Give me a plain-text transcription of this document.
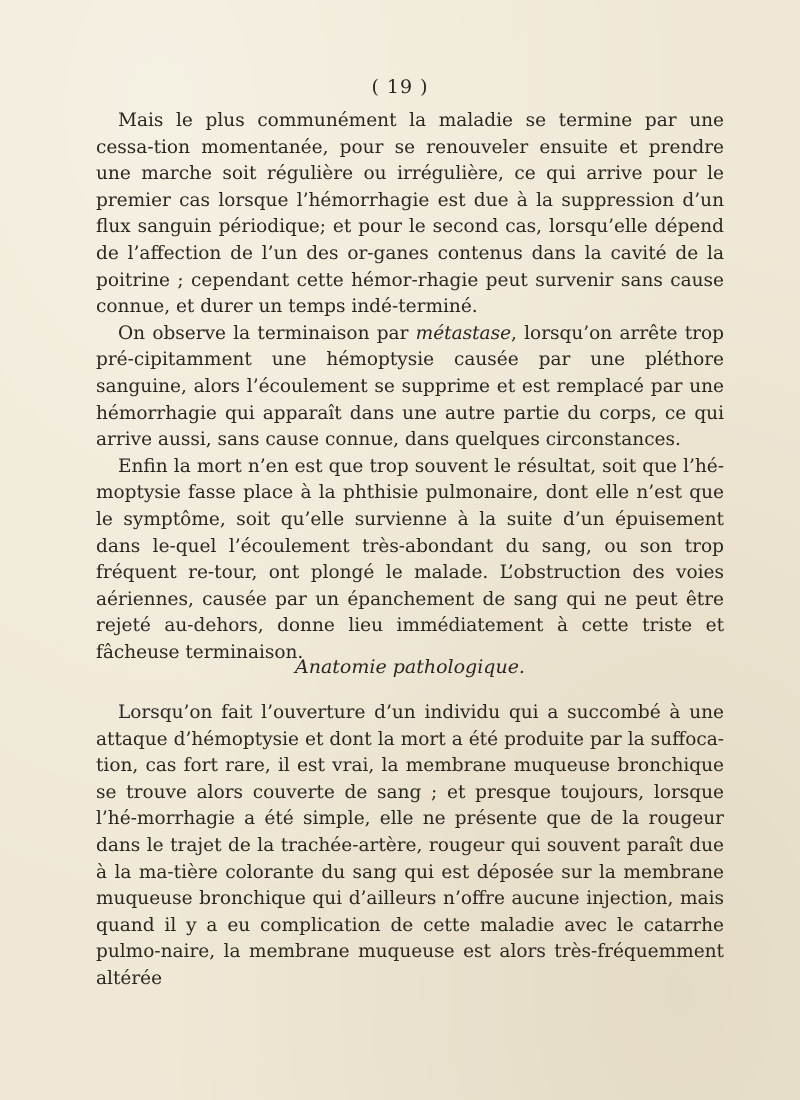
( 19 )

Mais le plus communément la maladie se termine par une cessa-tion momentanée, pour se renouveler ensuite et prendre une marche soit régulière ou irrégulière, ce qui arrive pour le premier cas lorsque l’hémorrhagie est due à la suppression d’un flux sanguin périodique; et pour le second cas, lorsqu’elle dépend de l’affection de l’un des or-ganes contenus dans la cavité de la poitrine ; cependant cette hémor-rhagie peut survenir sans cause connue, et durer un temps indé-terminé.

On observe la terminaison par métastase, lorsqu’on arrête trop pré-cipitamment une hémoptysie causée par une pléthore sanguine, alors l’écoulement se supprime et est remplacé par une hémorrhagie qui apparaît dans une autre partie du corps, ce qui arrive aussi, sans cause connue, dans quelques circonstances.

Enfin la mort n’en est que trop souvent le résultat, soit que l’hé-moptysie fasse place à la phthisie pulmonaire, dont elle n’est que le symptôme, soit qu’elle survienne à la suite d’un épuisement dans le-quel l’écoulement très-abondant du sang, ou son trop fréquent re-tour, ont plongé le malade. L’obstruction des voies aériennes, causée par un épanchement de sang qui ne peut être rejeté au-dehors, donne lieu immédiatement à cette triste et fâcheuse terminaison.

Anatomie pathologique.

Lorsqu’on fait l’ouverture d’un individu qui a succombé à une attaque d’hémoptysie et dont la mort a été produite par la suffoca-tion, cas fort rare, il est vrai, la membrane muqueuse bronchique se trouve alors couverte de sang ; et presque toujours, lorsque l’hé-morrhagie a été simple, elle ne présente que de la rougeur dans le trajet de la trachée-artère, rougeur qui souvent paraît due à la ma-tière colorante du sang qui est déposée sur la membrane muqueuse bronchique qui d’ailleurs n’offre aucune injection, mais quand il y a eu complication de cette maladie avec le catarrhe pulmo-naire, la membrane muqueuse est alors très-fréquemment altérée
